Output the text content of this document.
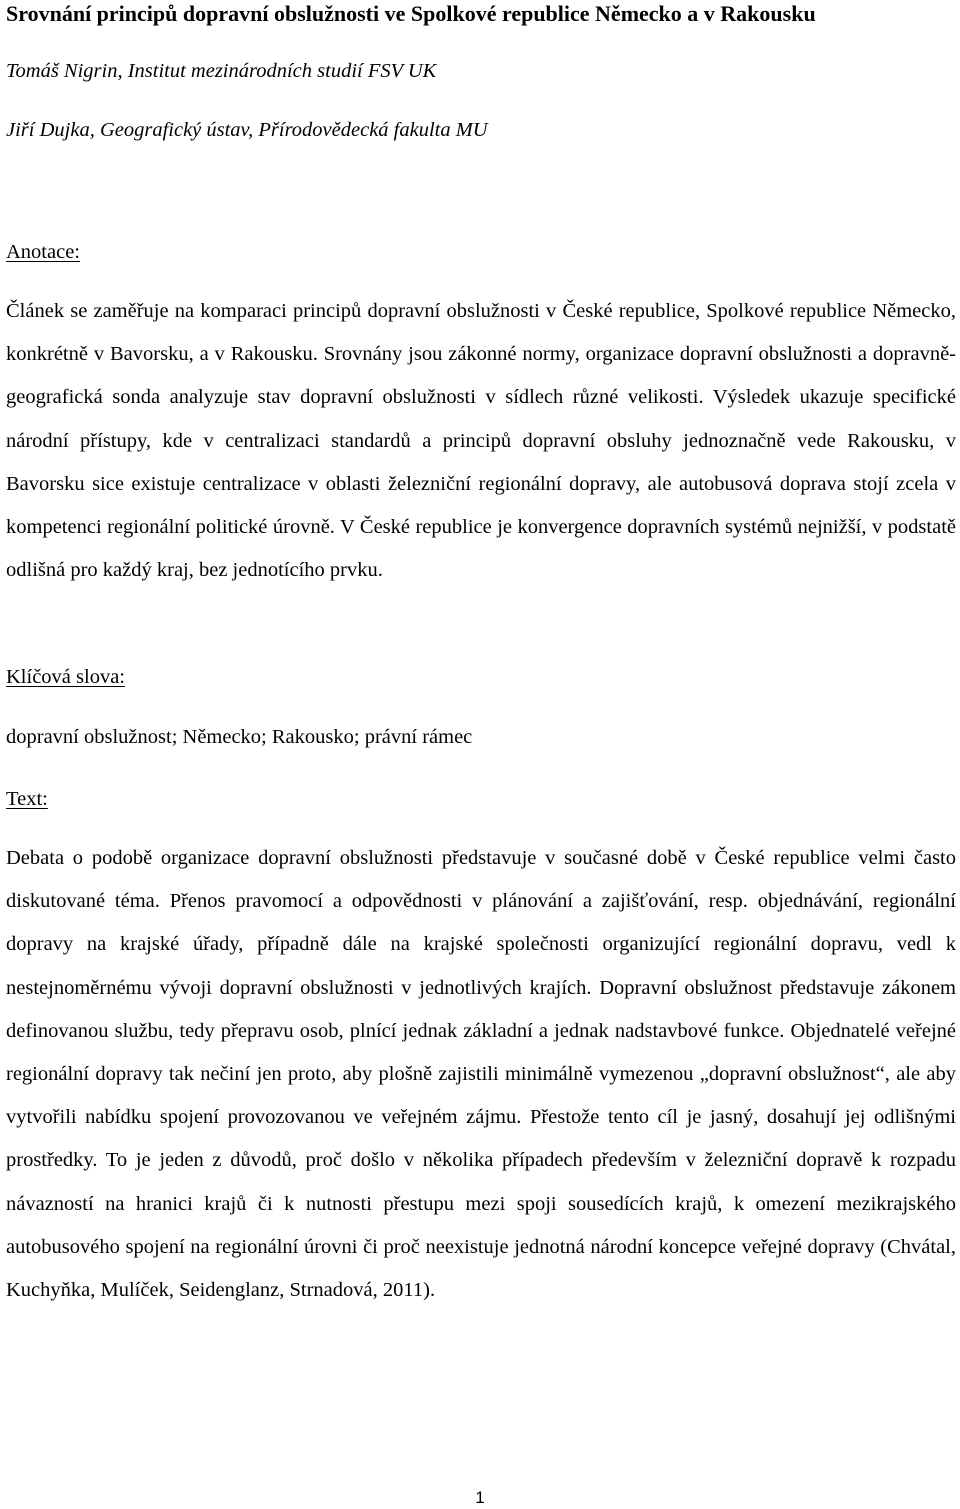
Srovnání principů dopravní obslužnosti ve Spolkové republice Německo a v Rakousku
Tomáš Nigrin, Institut mezinárodních studií FSV UK
Jiří Dujka, Geografický ústav, Přírodovědecká fakulta MU
Anotace:

Článek se zaměřuje na komparaci principů dopravní obslužnosti v České republice, Spolkové republice Německo, konkrétně v Bavorsku, a v Rakousku. Srovnány jsou zákonné normy, organizace dopravní obslužnosti a dopravně-geografická sonda analyzuje stav dopravní obslužnosti v sídlech různé velikosti. Výsledek ukazuje specifické národní přístupy, kde v centralizaci standardů a principů dopravní obsluhy jednoznačně vede Rakousku, v Bavorsku sice existuje centralizace v oblasti železniční regionální dopravy, ale autobusová doprava stojí zcela v kompetenci regionální politické úrovně. V České republice je konvergence dopravních systémů nejnižší, v podstatě odlišná pro každý kraj, bez jednotícího prvku.

Klíčová slova:
dopravní obslužnost; Německo; Rakousko; právní rámec
Text:

Debata o podobě organizace dopravní obslužnosti představuje v současné době v České republice velmi často diskutované téma. Přenos pravomocí a odpovědnosti v plánování a zajišťování, resp. objednávání, regionální dopravy na krajské úřady, případně dále na krajské společnosti organizující regionální dopravu, vedl k nestejnoměrnému vývoji dopravní obslužnosti v jednotlivých krajích. Dopravní obslužnost představuje zákonem definovanou službu, tedy přepravu osob, plnící jednak základní a jednak nadstavbové funkce. Objednatelé veřejné regionální dopravy tak nečiní jen proto, aby plošně zajistili minimálně vymezenou „dopravní obslužnost“, ale aby vytvořili nabídku spojení provozovanou ve veřejném zájmu. Přestože tento cíl je jasný, dosahují jej odlišnými prostředky. To je jeden z důvodů, proč došlo v několika případech především v železniční dopravě k rozpadu návazností na hranici krajů či k nutnosti přestupu mezi spoji sousedících krajů, k omezení mezikrajského autobusového spojení na regionální úrovni či proč neexistuje jednotná národní koncepce veřejné dopravy (Chvátal, Kuchyňka, Mulíček, Seidenglanz, Strnadová, 2011).

1
